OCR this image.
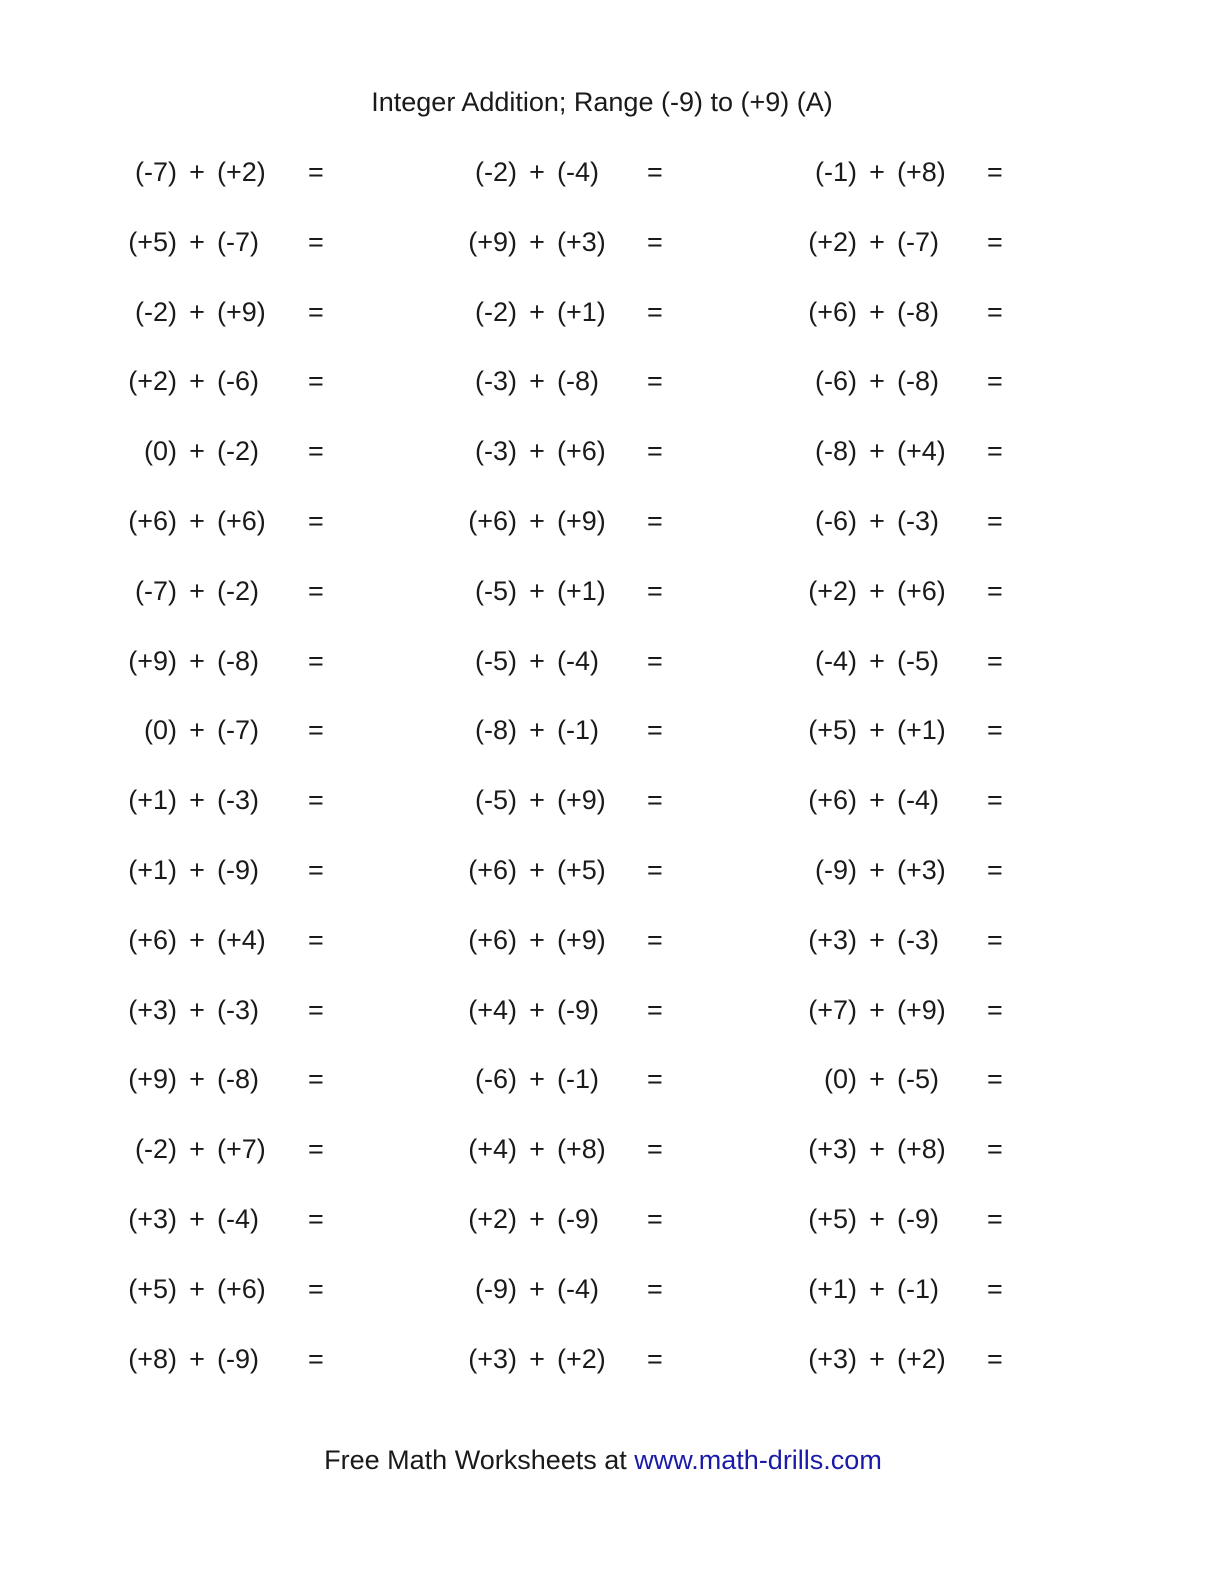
Integer Addition; Range (-9) to (+9) (A)
(-7) + (+2) =	(-2) + (-4) =	(-1) + (+8) =
(+5) + (-7) =	(+9) + (+3) =	(+2) + (-7) =
(-2) + (+9) =	(-2) + (+1) =	(+6) + (-8) =
(+2) + (-6) =	(-3) + (-8) =	(-6) + (-8) =
(0) + (-2) =	(-3) + (+6) =	(-8) + (+4) =
(+6) + (+6) =	(+6) + (+9) =	(-6) + (-3) =
(-7) + (-2) =	(-5) + (+1) =	(+2) + (+6) =
(+9) + (-8) =	(-5) + (-4) =	(-4) + (-5) =
(0) + (-7) =	(-8) + (-1) =	(+5) + (+1) =
(+1) + (-3) =	(-5) + (+9) =	(+6) + (-4) =
(+1) + (-9) =	(+6) + (+5) =	(-9) + (+3) =
(+6) + (+4) =	(+6) + (+9) =	(+3) + (-3) =
(+3) + (-3) =	(+4) + (-9) =	(+7) + (+9) =
(+9) + (-8) =	(-6) + (-1) =	(0) + (-5) =
(-2) + (+7) =	(+4) + (+8) =	(+3) + (+8) =
(+3) + (-4) =	(+2) + (-9) =	(+5) + (-9) =
(+5) + (+6) =	(-9) + (-4) =	(+1) + (-1) =
(+8) + (-9) =	(+3) + (+2) =	(+3) + (+2) =
Free Math Worksheets at www.math-drills.com
